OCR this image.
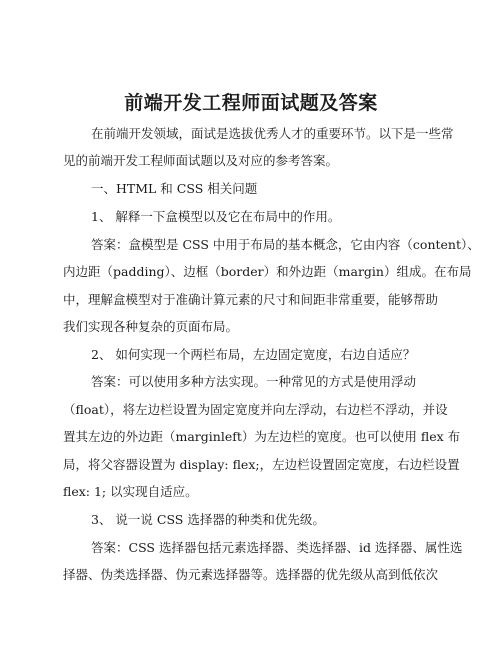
前端开发工程师面试题及答案
在前端开发领域，面试是选拔优秀人才的重要环节。以下是一些常
见的前端开发工程师面试题以及对应的参考答案。
一、HTML 和 CSS 相关问题
1、 解释一下盒模型以及它在布局中的作用。
答案：盒模型是 CSS 中用于布局的基本概念，它由内容（content）、
内边距（padding）、边框（border）和外边距（margin）组成。在布局
中，理解盒模型对于准确计算元素的尺寸和间距非常重要，能够帮助
我们实现各种复杂的页面布局。
2、 如何实现一个两栏布局，左边固定宽度，右边自适应？
答案：可以使用多种方法实现。一种常见的方式是使用浮动
（float），将左边栏设置为固定宽度并向左浮动，右边栏不浮动，并设
置其左边的外边距（marginleft）为左边栏的宽度。也可以使用 flex 布
局，将父容器设置为 display: flex;，左边栏设置固定宽度，右边栏设置
flex: 1; 以实现自适应。
3、 说一说 CSS 选择器的种类和优先级。
答案：CSS 选择器包括元素选择器、类选择器、id 选择器、属性选
择器、伪类选择器、伪元素选择器等。选择器的优先级从高到低依次
